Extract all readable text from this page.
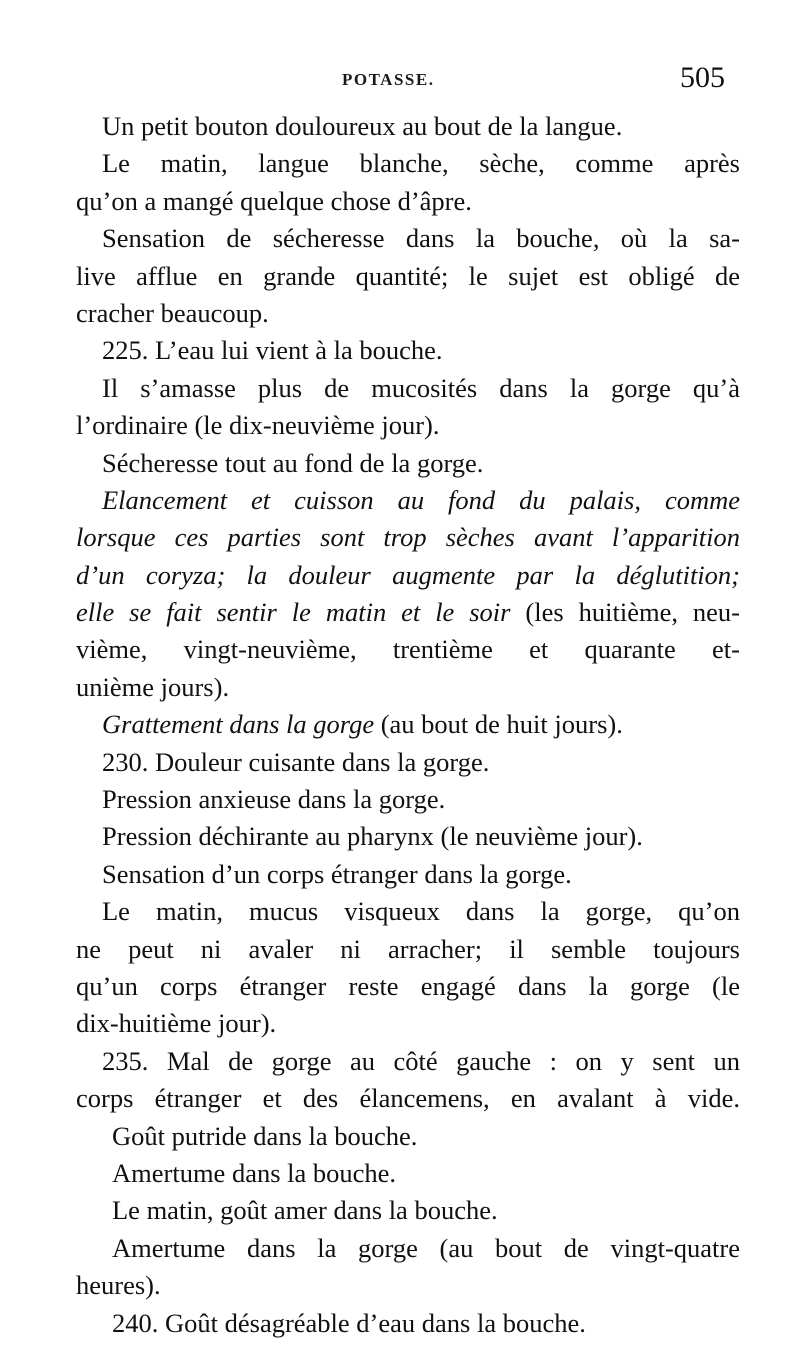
POTASSE.	505
Un petit bouton douloureux au bout de la langue.
Le matin, langue blanche, sèche, comme après
qu’on a mangé quelque chose d’âpre.
Sensation de sécheresse dans la bouche, où la sa-
live afflue en grande quantité; le sujet est obligé de
cracher beaucoup.
225. L’eau lui vient à la bouche.
Il s’amasse plus de mucosités dans la gorge qu’à
l’ordinaire (le dix-neuvième jour).
Sécheresse tout au fond de la gorge.
Elancement et cuisson au fond du palais, comme
lorsque ces parties sont trop sèches avant l’apparition
d’un coryza; la douleur augmente par la déglutition;
elle se fait sentir le matin et le soir (les huitième, neu-
vième, vingt-neuvième, trentième et quarante et-
unième jours).
Grattement dans la gorge (au bout de huit jours).
230. Douleur cuisante dans la gorge.
Pression anxieuse dans la gorge.
Pression déchirante au pharynx (le neuvième jour).
Sensation d’un corps étranger dans la gorge.
Le matin, mucus visqueux dans la gorge, qu’on
ne peut ni avaler ni arracher; il semble toujours
qu’un corps étranger reste engagé dans la gorge (le
dix-huitième jour).
235. Mal de gorge au côté gauche : on y sent un
corps étranger et des élancemens, en avalant à vide.
Goût putride dans la bouche.
Amertume dans la bouche.
Le matin, goût amer dans la bouche.
Amertume dans la gorge (au bout de vingt-quatre
heures).
240. Goût désagréable d’eau dans la bouche.
